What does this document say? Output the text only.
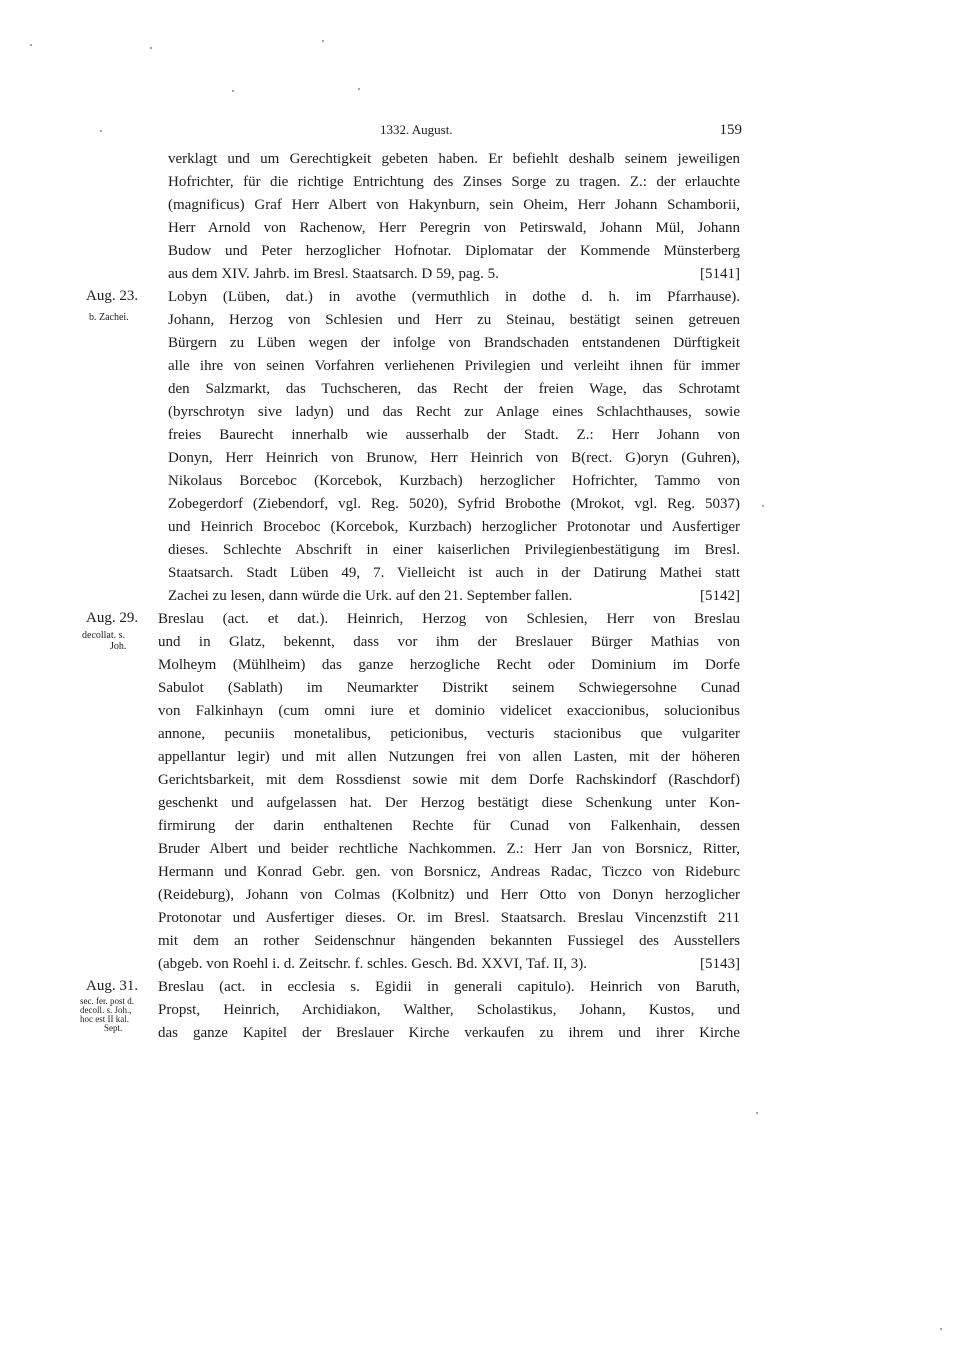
1332. August.	159
verklagt und um Gerechtigkeit gebeten haben. Er befiehlt deshalb seinem jeweiligen
Hofrichter, für die richtige Entrichtung des Zinses Sorge zu tragen. Z.: der erlauchte
(magnificus) Graf Herr Albert von Hakynburn, sein Oheim, Herr Johann Schamborii,
Herr Arnold von Rachenow, Herr Peregrin von Petirswald, Johann Mül, Johann
Budow und Peter herzoglicher Hofnotar. Diplomatar der Kommende Münsterberg
aus dem XIV. Jahrb. im Bresl. Staatsarch. D 59, pag. 5.	[5141]
Aug. 23. Lobyn (Lüben, dat.) in avothe (vermuthlich in dothe d. h. im Pfarrhause).
b. Zachei.	Johann, Herzog von Schlesien und Herr zu Steinau, bestätigt seinen getreuen
Bürgern zu Lüben wegen der infolge von Brandschaden entstandenen Dürftigkeit
alle ihre von seinen Vorfahren verliehenen Privilegien und verleiht ihnen für immer
den Salzmarkt, das Tuchscheren, das Recht der freien Wage, das Schrotamt
(byrschrotyn sive ladyn) und das Recht zur Anlage eines Schlachthauses, sowie
freies Baurecht innerhalb wie ausserhalb der Stadt. Z.: Herr Johann von
Donyn, Herr Heinrich von Brunow, Herr Heinrich von B(rect. G)oryn (Guhren),
Nikolaus Borceboc (Korcebok, Kurzbach) herzoglicher Hofrichter, Tammo von
Zobegerdorf (Ziebendorf, vgl. Reg. 5020), Syfrid Brobothe (Mrokot, vgl. Reg. 5037)
und Heinrich Broceboc (Korcebok, Kurzbach) herzoglicher Protonotar und Ausfertiger
dieses. Schlechte Abschrift in einer kaiserlichen Privilegienbestätigung im Bresl.
Staatsarch. Stadt Lüben 49, 7. Vielleicht ist auch in der Datirung Mathei statt
Zachei zu lesen, dann würde die Urk. auf den 21. September fallen.	[5142]
Aug. 29. Breslau (act. et dat.). Heinrich, Herzog von Schlesien, Herr von Breslau
decollat. s.
Joh. und in Glatz, bekennt, dass vor ihm der Breslauer Bürger Mathias von
Molheym (Mühlheim) das ganze herzogliche Recht oder Dominium im Dorfe
Sabulot (Sablath) im Neumarkter Distrikt seinem Schwiegersohne Cunad
von Falkinhayn (cum omni iure et dominio videlicet exaccionibus, solucionibus
annone, pecuniis monetalibus, peticionibus, vecturis stacionibus que vulgariter
appellantur legir) und mit allen Nutzungen frei von allen Lasten, mit der höheren
Gerichtsbarkeit, mit dem Rossdienst sowie mit dem Dorfe Rachskindorf (Raschdorf)
geschenkt und aufgelassen hat. Der Herzog bestätigt diese Schenkung unter Kon-
firmirung der darin enthaltenen Rechte für Cunad von Falkenhain, dessen
Bruder Albert und beider rechtliche Nachkommen. Z.: Herr Jan von Borsnicz, Ritter,
Hermann und Konrad Gebr. gen. von Borsnicz, Andreas Radac, Ticzco von Rideburc
(Reideburg), Johann von Colmas (Kolbnitz) und Herr Otto von Donyn herzoglicher
Protonotar und Ausfertiger dieses. Or. im Bresl. Staatsarch. Breslau Vincenzstift 211
mit dem an rother Seidenschnur hängenden bekannten Fussiegel des Ausstellers
(abgeb. von Roehl i. d. Zeitschr. f. schles. Gesch. Bd. XXVI, Taf. II, 3).	[5143]
Aug. 31. Breslau (act. in ecclesia s. Egidii in generali capitulo). Heinrich von Baruth,
sec. fer. post d.
decoll. s. Joh.,
hoc est II kal.
Sept.
Propst, Heinrich, Archidiakon, Walther, Scholastikus, Johann, Kustos, und
das ganze Kapitel der Breslauer Kirche verkaufen zu ihrem und ihrer Kirche
